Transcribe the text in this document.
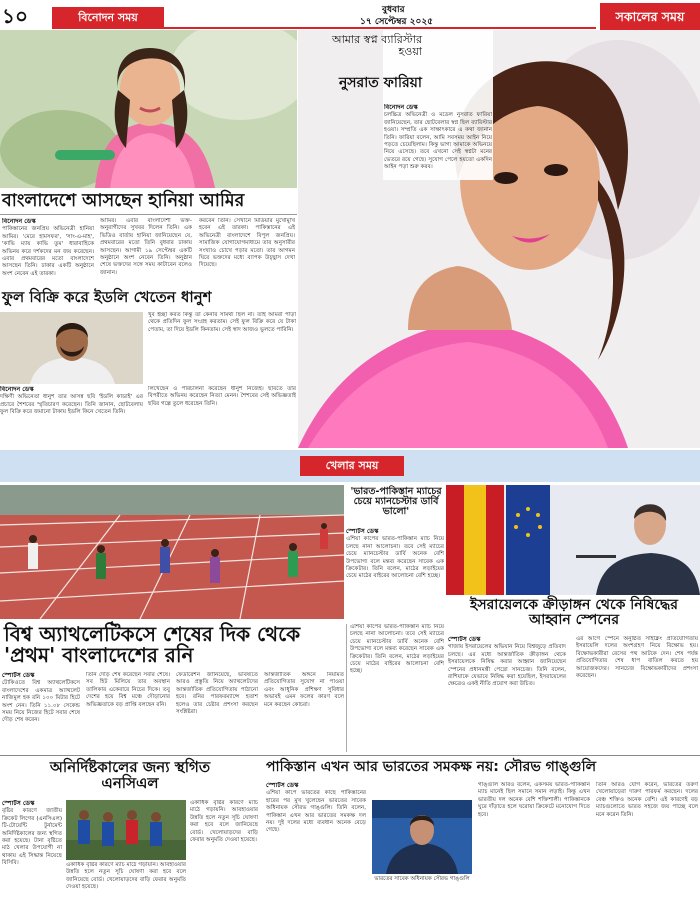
১০	বিনোদন সময়
বুধবার
১৭ সেপ্টেম্বর ২০২৫	সকালের সময়
বাংলাদেশে আসছেন হানিয়া আমির
বিনোদন ডেস্ক
পাকিস্তানের জনপ্রিয় অভিনেত্রী হানিয়া আমির। 'মেরে হামসফর', 'সাং-এ-মাহ', 'কাভি ম্যায় কাভি তুম' ধারাবাহিকে অভিনয় করে দর্শকদের মন জয় করেছেন। এবার প্রথমবারের মতো বাংলাদেশে আসছেন তিনি। ঢাকার একটি অনুষ্ঠানে অংশ নেবেন এই তারকা।
আমির। এবার বাংলাদেশী ভক্ত-অনুরাগীদের সুখবর দিলেন তিনি। এক ভিডিও বার্তায় হানিয়া জানিয়েছেন যে, প্রথমবারের মতো তিনি বুধবার ঢাকায় আসছেন। আগামী ১৯ সেপ্টেম্বর একটি অনুষ্ঠানে অংশ নেবেন তিনি। অনুষ্ঠান শেষে ভক্তদের সঙ্গে সময় কাটাবেন বলেও জানান।
করবেন তিনি। সেখানে মিডিয়ার মুখোমুখি হবেন এই তারকা। পাকিস্তানের এই অভিনেত্রী বাংলাদেশে বিপুল জনপ্রিয়। সামাজিক যোগাযোগমাধ্যমে তার অনুসারীর সংখ্যাও চোখে পড়ার মতো। তার আগমন ঘিরে ভক্তদের মধ্যে ব্যাপক উচ্ছ্বাস দেখা দিয়েছে।
ফুল বিক্রি করে ইডলি খেতেন ধানুশ
বিনোদন ডেস্ক
দক্ষিণী অভিনেতা ধানুশ তার আসন্ন ছবি 'ইডলি কাডাই' এর প্রচারে শৈশবের স্মৃতিচারণ করেছেন। তিনি জানান, ছোটবেলায় ফুল বিক্রি করে জমানো টাকায় ইডলি কিনে খেতেন তিনি।
খুব ইচ্ছা করত কিন্তু তা কেনার সামর্থ্য ছিল না। তাই আমরা পাড়া থেকে প্রতিদিন ফুল সংগ্রহ করতাম। সেই ফুল বিক্রি করে যে টাকা পেতাম, তা দিয়ে ইডলি কিনতাম। সেই স্বাদ আজও ভুলতে পারিনি।
লিখেছেন ও পরিচালনা করেছেন ধানুশ নিজেই। ছবিতে তার বিপরীতে অভিনয় করেছেন নিত্যা মেনন। শৈশবের সেই অভিজ্ঞতাই ছবির গল্পে তুলে ধরেছেন তিনি।
আমার স্বপ্ন ব্যারিস্টার হওয়া
নুসরাত ফারিয়া
বিনোদন ডেস্ক
চলচ্চিত্র অভিনেত্রী ও মডেল নুসরাত ফারিয়া জানিয়েছেন, তার ছোটবেলার স্বপ্ন ছিল ব্যারিস্টার হওয়া। সম্প্রতি এক সাক্ষাৎকারে এ কথা জানান তিনি। ফারিয়া বলেন, আমি সবসময় আইন নিয়ে পড়তে চেয়েছিলাম। কিন্তু ভাগ্য আমাকে অভিনয়ে নিয়ে এসেছে। তবে এখনো সেই স্বপ্নটা মনের ভেতরে রয়ে গেছে। সুযোগ পেলে হয়তো একদিন আইন পড়া শুরু করব।
খেলার সময়
'ভারত-পাকিস্তান ম্যাচের চেয়ে ম্যানচেস্টার ডার্বি ভালো'
স্পোর্টস ডেস্ক
এশিয়া কাপের ভারত-পাকিস্তান ম্যাচ নিয়ে চলছে নানা আলোচনা। তবে সেই ম্যাচের চেয়ে ম্যানচেস্টার ডার্বি অনেক বেশি উপভোগ্য বলে মন্তব্য করেছেন সাবেক এক ক্রিকেটার। তিনি বলেন, মাঠের লড়াইয়ের চেয়ে মাঠের বাইরের আলোচনা বেশি হচ্ছে।
ইসরায়েলকে ক্রীড়াঙ্গন থেকে নিষিদ্ধের আহ্বান স্পেনের
স্পোর্টস ডেস্ক
গাজায় ইসরায়েলের অভিযান নিয়ে বিশ্বজুড়ে প্রতিবাদ চলছে। এর মধ্যে আন্তর্জাতিক ক্রীড়াঙ্গন থেকে ইসরায়েলকে নিষিদ্ধ করার আহ্বান জানিয়েছেন স্পেনের প্রধানমন্ত্রী পেদ্রো সানচেজ। তিনি বলেন, রাশিয়াকে যেভাবে নিষিদ্ধ করা হয়েছিল, ইসরায়েলের ক্ষেত্রেও একই নীতি প্রয়োগ করা উচিত।
এর আগে স্পেনে অনুষ্ঠিত সাইক্লিং প্রতিযোগিতায় ইসরায়েলি দলের অংশগ্রহণ নিয়ে বিক্ষোভ হয়। বিক্ষোভকারীরা রেসের পথ আটকে দেন। শেষ পর্যন্ত প্রতিযোগিতার শেষ ধাপ বাতিল করতে হয় আয়োজকদের। সানচেজ বিক্ষোভকারীদের প্রশংসা করেছেন।
বিশ্ব অ্যাথলেটিকসে শেষের দিক থেকে 'প্রথম' বাংলাদেশের রনি
স্পোর্টস ডেস্ক
টোকিওতে বিশ্ব অ্যাথলেটিকসে বাংলাদেশের একমাত্র অ্যাথলেট নাজিমুল হক রনি ১০০ মিটার হিটে অংশ নেন। তিনি ১১.০৮ সেকেন্ড সময় নিয়ে নিজের হিটে সবার শেষে দৌড় শেষ করেন।
তিনি দৌড় শেষ করেছেন সবার শেষে। সব হিট মিলিয়ে তার অবস্থান তালিকার একেবারে নিচের দিকে। তবু দেশের হয়ে বিশ্ব মঞ্চে দৌড়ানোর অভিজ্ঞতাকে বড় প্রাপ্তি বলছেন রনি।
ফেডারেশন জানিয়েছে, ভবিষ্যতে আরও প্রস্তুতি নিয়ে অ্যাথলেটদের আন্তর্জাতিক প্রতিযোগিতায় পাঠানো হবে। রনির পারফরম্যান্সে হতাশ হলেও তার চেষ্টার প্রশংসা করছেন সংশ্লিষ্টরা।
আন্তর্জাতিক অঙ্গনে নিয়মিত প্রতিযোগিতার সুযোগ না পাওয়া এবং আধুনিক প্রশিক্ষণ সুবিধার অভাবই এমন ফলের কারণ বলে মনে করছেন কোচরা।
এশিয়া কাপের ভারত-পাকিস্তান ম্যাচ নিয়ে চলছে নানা আলোচনা। তবে সেই ম্যাচের চেয়ে ম্যানচেস্টার ডার্বি অনেক বেশি উপভোগ্য বলে মন্তব্য করেছেন সাবেক এক ক্রিকেটার। তিনি বলেন, মাঠের লড়াইয়ের চেয়ে মাঠের বাইরের আলোচনা বেশি হচ্ছে।
অনির্দিষ্টকালের জন্য স্থগিত এনসিএল
স্পোর্টস ডেস্ক
বৃষ্টির কারণে জাতীয় ক্রিকেট লিগের (এনসিএল) টি-টোয়েন্টি টুর্নামেন্ট অনির্দিষ্টকালের জন্য স্থগিত করা হয়েছে। টানা বৃষ্টিতে মাঠ খেলার উপযোগী না থাকায় এই সিদ্ধান্ত নিয়েছে বিসিবি।	একাধিক বৃষ্টির কারণে ম্যাচ মাঠে গড়ায়নি। আবহাওয়ার উন্নতি হলে নতুন সূচি ঘোষণা করা হবে বলে জানিয়েছে বোর্ড। খেলোয়াড়দের বাড়ি ফেরার অনুমতি দেওয়া হয়েছে।
একাধিক বৃষ্টির কারণে ম্যাচ মাঠে গড়ায়নি। আবহাওয়ার উন্নতি হলে নতুন সূচি ঘোষণা করা হবে বলে জানিয়েছে বোর্ড। খেলোয়াড়দের বাড়ি ফেরার অনুমতি দেওয়া হয়েছে।
পাকিস্তান এখন আর ভারতের সমকক্ষ নয়: সৌরভ গাঙ্গুলি
স্পোর্টস ডেস্ক
এশিয়া কাপে ভারতের কাছে পাকিস্তানের হারের পর মুখ খুলেছেন ভারতের সাবেক অধিনায়ক সৌরভ গাঙ্গুলি। তিনি বলেন, পাকিস্তান এখন আর ভারতের সমকক্ষ দল নয়। দুই দলের মধ্যে ব্যবধান অনেক বেড়ে গেছে।
ভারতের সাবেক অধিনায়ক সৌরভ গাঙ্গুলি
গাঙ্গুলি আরও বলেন, একসময় ভারত-পাকিস্তান ম্যাচ মানেই ছিল সমানে সমান লড়াই। কিন্তু এখন ভারতীয় দল অনেক বেশি শক্তিশালী। পাকিস্তানকে ঘুরে দাঁড়াতে হলে ঘরোয়া ক্রিকেটে মনোযোগ দিতে হবে।
তিনি আরও যোগ করেন, ভারতের তরুণ খেলোয়াড়েরা দারুণ পারফর্ম করছেন। দলের বেঞ্চ শক্তিও অনেক বেশি। এই কারণেই বড় ম্যাচগুলোতে ভারত সহজে জয় পাচ্ছে বলে মনে করেন তিনি।
